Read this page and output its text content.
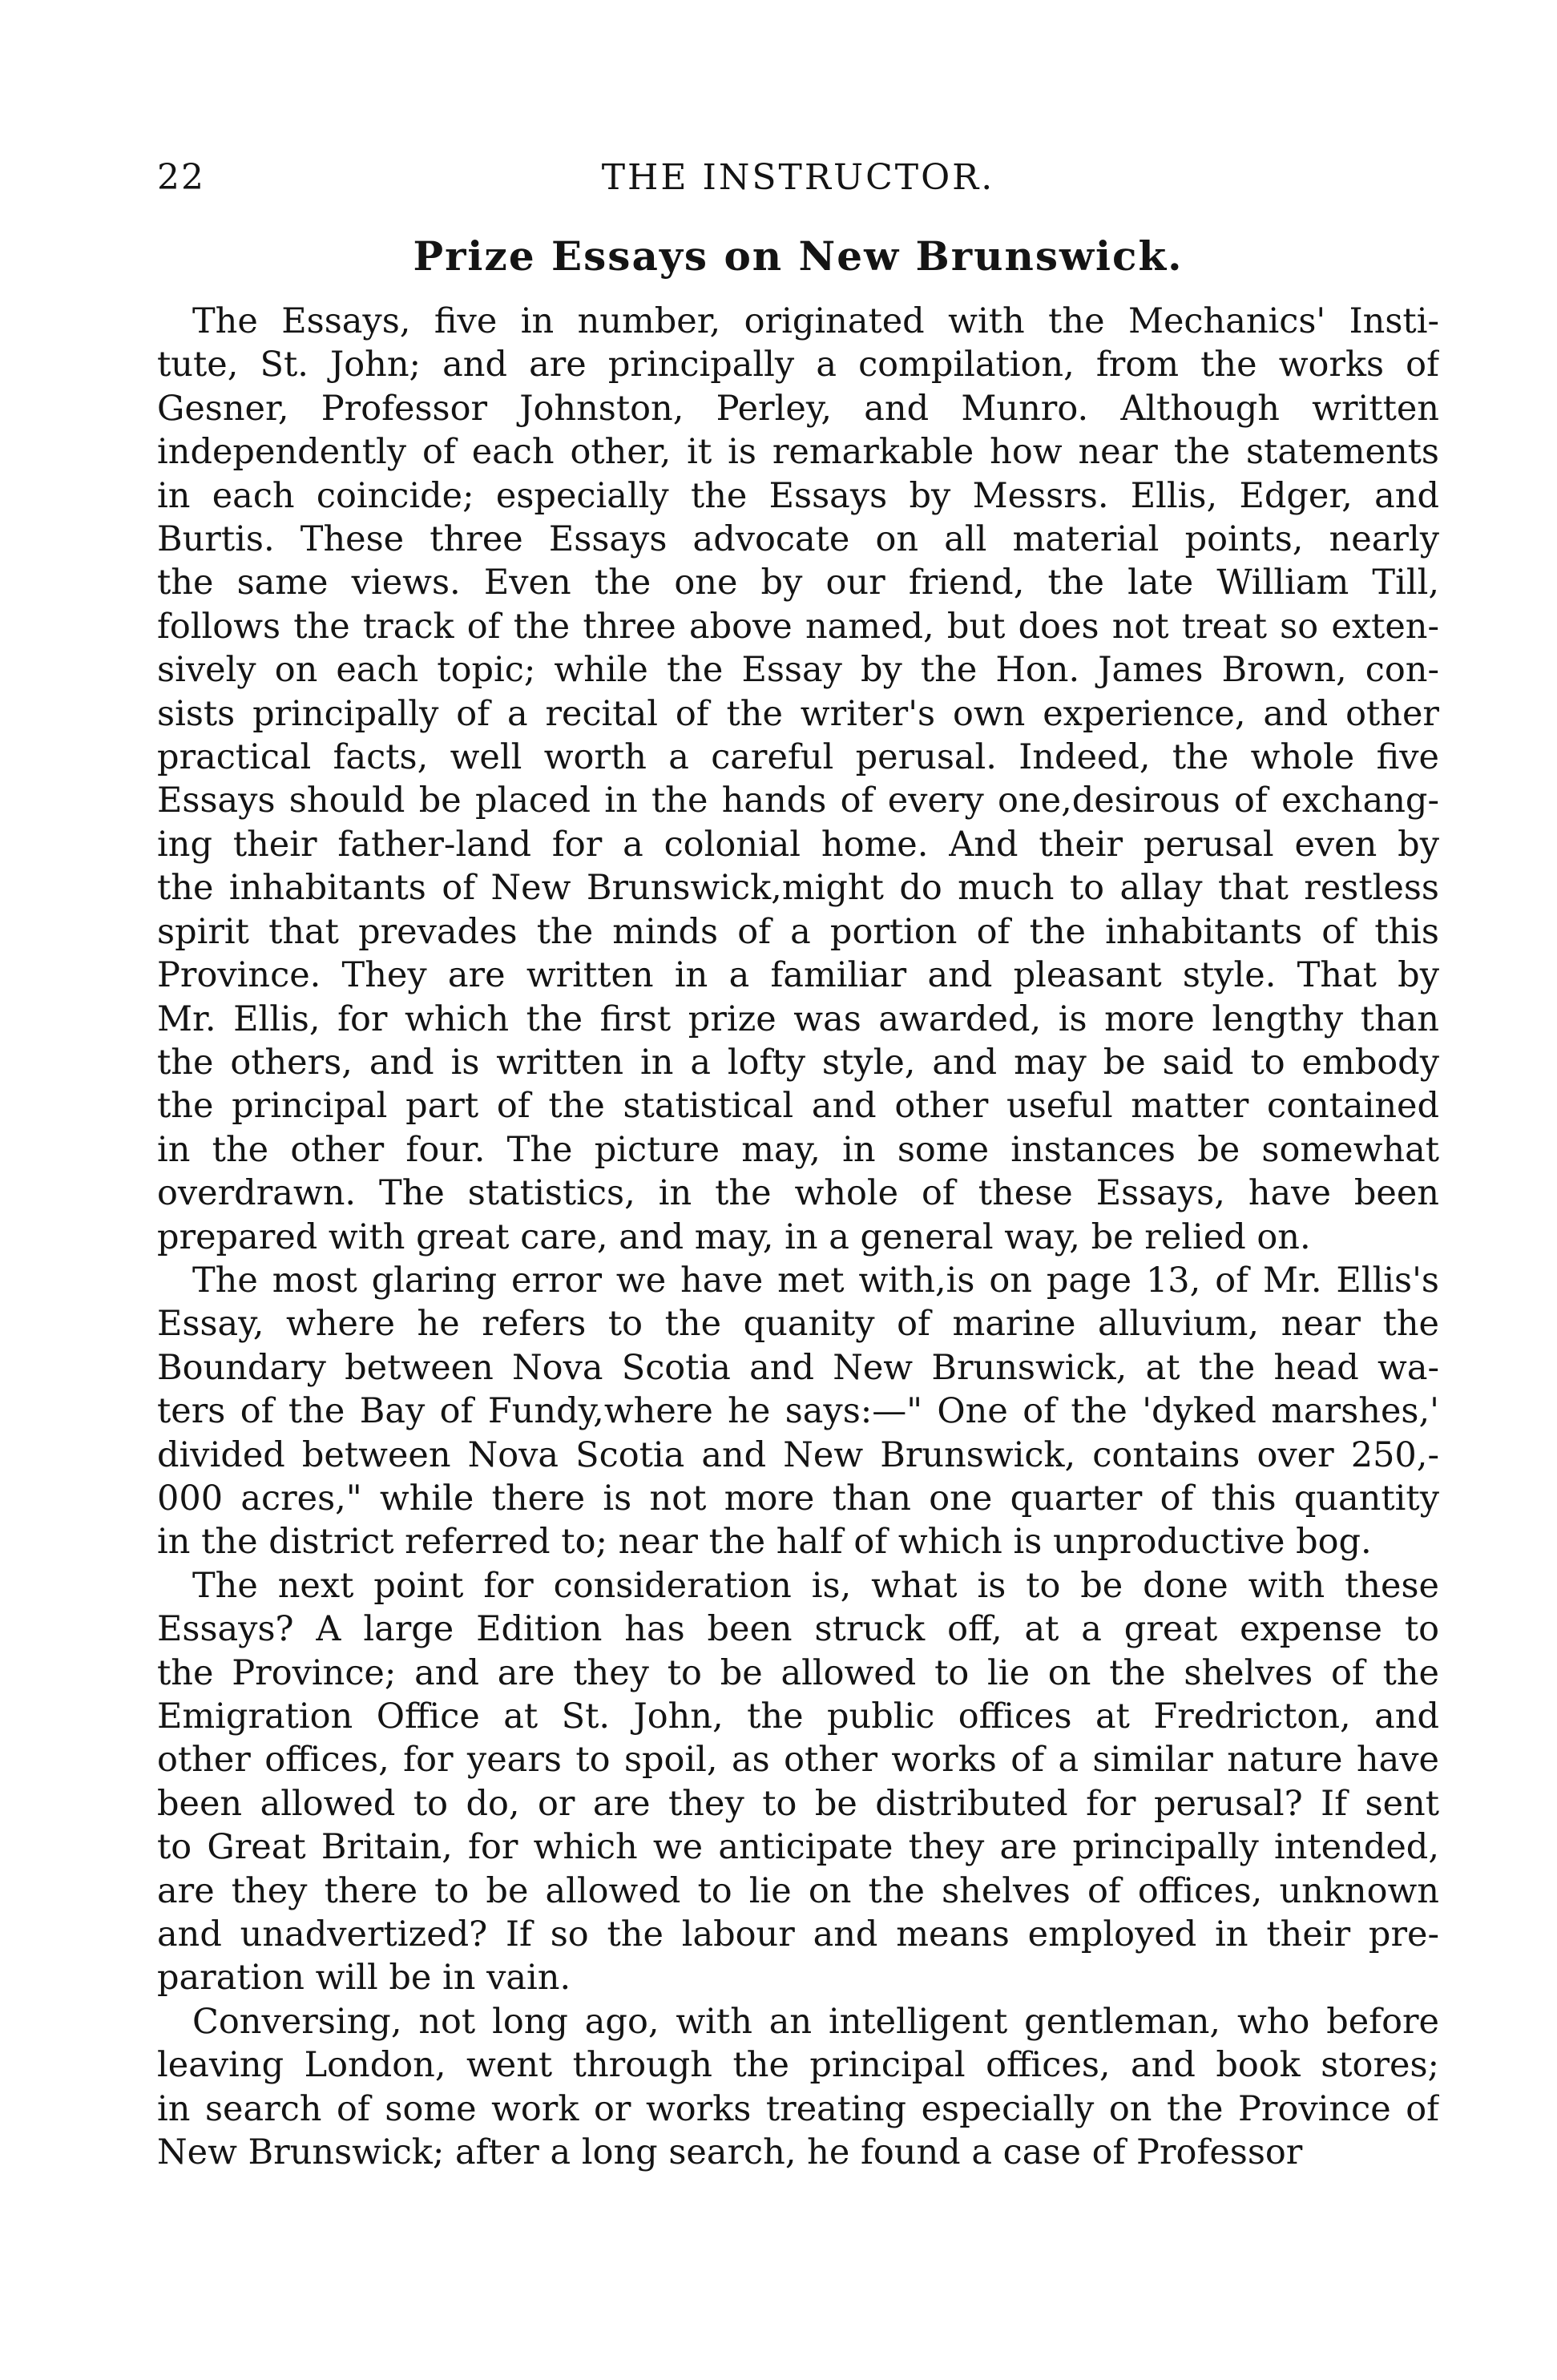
22	THE INSTRUCTOR.
Prize Essays on New Brunswick.
The Essays, five in number, originated with the Mechanics' Insti-
tute, St. John; and are principally a compilation, from the works of
Gesner, Professor Johnston, Perley, and Munro. Although written
independently of each other, it is remarkable how near the statements
in each coincide; especially the Essays by Messrs. Ellis, Edger, and
Burtis. These three Essays advocate on all material points, nearly
the same views. Even the one by our friend, the late William Till,
follows the track of the three above named, but does not treat so exten-
sively on each topic; while the Essay by the Hon. James Brown, con-
sists principally of a recital of the writer's own experience, and other
practical facts, well worth a careful perusal. Indeed, the whole five
Essays should be placed in the hands of every one,desirous of exchang-
ing their father-land for a colonial home. And their perusal even by
the inhabitants of New Brunswick,might do much to allay that restless
spirit that prevades the minds of a portion of the inhabitants of this
Province. They are written in a familiar and pleasant style. That by
Mr. Ellis, for which the first prize was awarded, is more lengthy than
the others, and is written in a lofty style, and may be said to embody
the principal part of the statistical and other useful matter contained
in the other four. The picture may, in some instances be somewhat
overdrawn. The statistics, in the whole of these Essays, have been
prepared with great care, and may, in a general way, be relied on.
The most glaring error we have met with,is on page 13, of Mr. Ellis's
Essay, where he refers to the quanity of marine alluvium, near the
Boundary between Nova Scotia and New Brunswick, at the head wa-
ters of the Bay of Fundy,where he says:—" One of the 'dyked marshes,'
divided between Nova Scotia and New Brunswick, contains over 250,-
000 acres," while there is not more than one quarter of this quantity
in the district referred to; near the half of which is unproductive bog.
The next point for consideration is, what is to be done with these
Essays? A large Edition has been struck off, at a great expense to
the Province; and are they to be allowed to lie on the shelves of the
Emigration Office at St. John, the public offices at Fredricton, and
other offices, for years to spoil, as other works of a similar nature have
been allowed to do, or are they to be distributed for perusal? If sent
to Great Britain, for which we anticipate they are principally intended,
are they there to be allowed to lie on the shelves of offices, unknown
and unadvertized? If so the labour and means employed in their pre-
paration will be in vain.
Conversing, not long ago, with an intelligent gentleman, who before
leaving London, went through the principal offices, and book stores;
in search of some work or works treating especially on the Province of
New Brunswick; after a long search, he found a case of Professor
